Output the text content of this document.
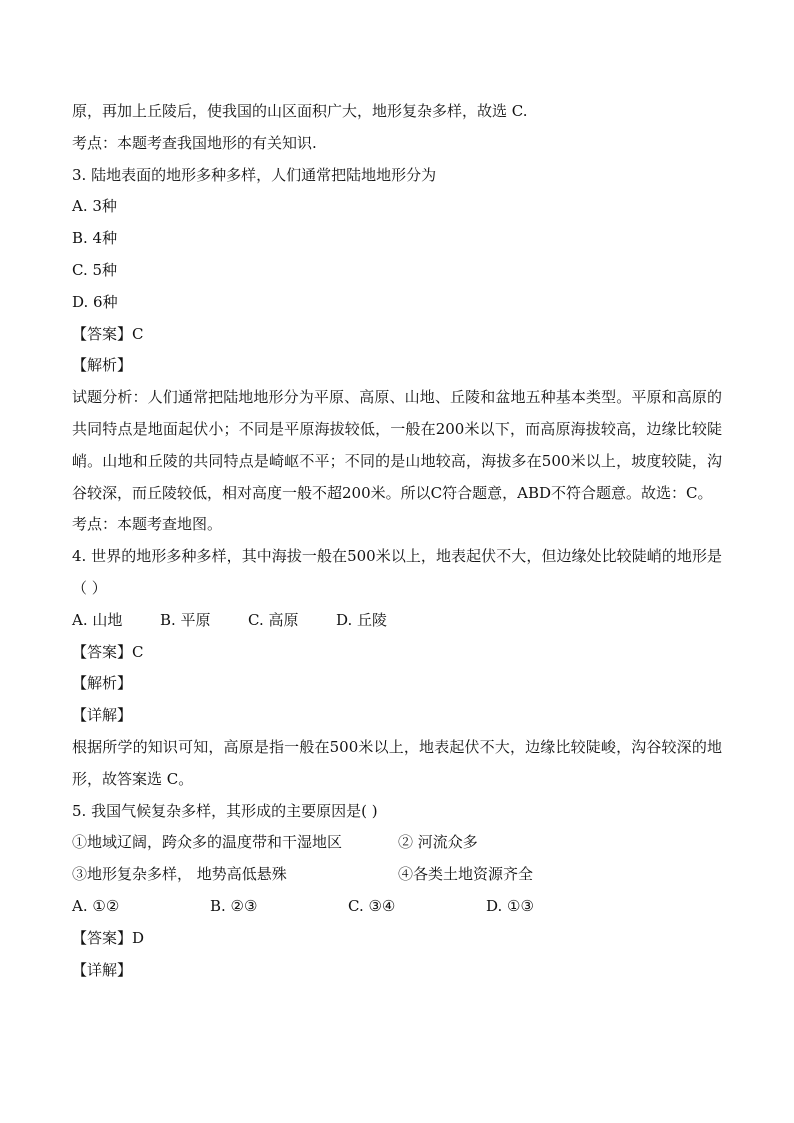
原，再加上丘陵后，使我国的山区面积广大，地形复杂多样，故选 C.
考点：本题考查我国地形的有关知识.
3. 陆地表面的地形多种多样，人们通常把陆地地形分为
A. 3种
B. 4种
C. 5种
D. 6种
【答案】C
【解析】
试题分析：人们通常把陆地地形分为平原、高原、山地、丘陵和盆地五种基本类型。平原和高原的共同特点是地面起伏小；不同是平原海拔较低，一般在200米以下，而高原海拔较高，边缘比较陡峭。山地和丘陵的共同特点是崎岖不平；不同的是山地较高，海拔多在500米以上，坡度较陡，沟谷较深，而丘陵较低，相对高度一般不超200米。所以C符合题意，ABD不符合题意。故选：C。
考点：本题考查地图。
4. 世界的地形多种多样，其中海拔一般在500米以上，地表起伏不大，但边缘处比较陡峭的地形是（ ）
A. 山地	B. 平原	C. 高原	D. 丘陵
【答案】C
【解析】
【详解】
根据所学的知识可知，高原是指一般在500米以上，地表起伏不大，边缘比较陡峻，沟谷较深的地形，故答案选 C。
5. 我国气候复杂多样，其形成的主要原因是( )
①地域辽阔，跨众多的温度带和干湿地区	② 河流众多
③地形复杂多样， 地势高低悬殊	④各类土地资源齐全
A. ①②	B. ②③	C. ③④	D. ①③
【答案】D
【详解】
